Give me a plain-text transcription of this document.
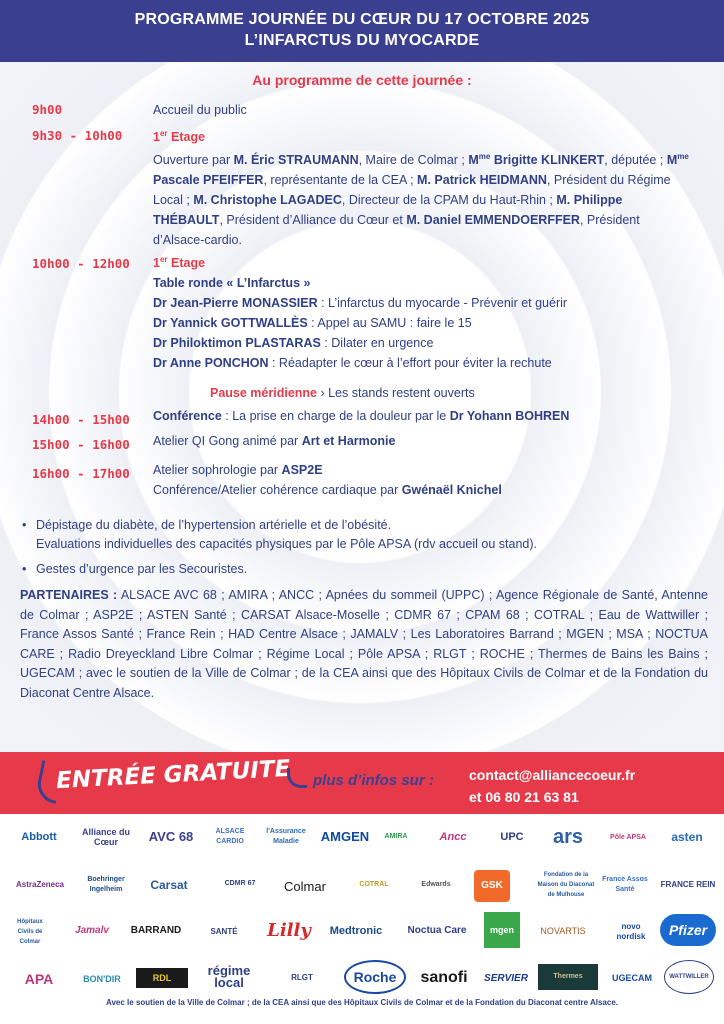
PROGRAMME JOURNÉE DU CŒUR DU 17 OCTOBRE 2025
L’INFARCTUS DU MYOCARDE
Au programme de cette journée :
9h00	Accueil du public
9h30 - 10h00 1er Etage
Ouverture par M. Éric STRAUMANN, Maire de Colmar ; $M^{me}$ Brigitte KLINKERT, députée ; $M^{me}$ Pascale PFEIFFER, représentante de la CEA ; M. Patrick HEIDMANN, Président du Régime Local ; M. Christophe LAGADEC, Directeur de la CPAM du Haut-Rhin ; M. Philippe THÉBAULT, Président d’Alliance du Cœur et M. Daniel EMMENDOERFFER, Président d’Alsace-cardio.
10h00 - 12h00 1er Etage
Table ronde « L’Infarctus »
Dr Jean-Pierre MONASSIER : L’infarctus du myocarde - Prévenir et guérir
Dr Yannick GOTTWALLÈS : Appel au SAMU : faire le 15
Dr Philoktimon PLASTARAS : Dilater en urgence
Dr Anne PONCHON : Réadapter le cœur à l’effort pour éviter la rechute
Pause méridienne › Les stands restent ouverts
14h00 - 15h00 Conférence : La prise en charge de la douleur par le Dr Yohann BOHREN
15h00 - 16h00 Atelier QI Gong animé par Art et Harmonie
16h00 - 17h00 Atelier sophrologie par ASP2E
Conférence/Atelier cohérence cardiaque par Gwénaël Knichel
• Dépistage du diabète, de l’hypertension artérielle et de l’obésité.
Evaluations individuelles des capacités physiques par le Pôle APSA (rdv accueil ou stand).
• Gestes d’urgence par les Secouristes.
PARTENAIRES : ALSACE AVC 68 ; AMIRA ; ANCC ; Apnées du sommeil (UPPC) ; Agence Régionale de Santé, Antenne de Colmar ; ASP2E ; ASTEN Santé ; CARSAT Alsace-Moselle ; CDMR 67 ; CPAM 68 ; COTRAL ; Eau de Wattwiller ; France Assos Santé ; France Rein ; HAD Centre Alsace ; JAMALV ; Les Laboratoires Barrand ; MGEN ; MSA ; NOCTUA CARE ; Radio Dreyeckland Libre Colmar ; Régime Local ; Pôle APSA ; RLGT ; ROCHE ; Thermes de Bains les Bains ; UGECAM ; avec le soutien de la Ville de Colmar ; de la CEA ainsi que des Hôpitaux Civils de Colmar et de la Fondation du Diaconat Centre Alsace.
ENTRÉE GRATUITE plus d’infos sur :	contact@alliancecoeur.fr
et 06 80 21 63 81
Abbott	Alliance du Cœur	AVC 68	ALSACE CARDIO
l'Assurance Maladie	AMGEN	AMIRA	Ancc	UPC	ars	Pôle APSA	asten
AstraZeneca
Boehringer Ingelheim	Carsat	CDMR 67	Colmar	COTRAL	Edwards	GSK
Fondation de la Maison du Diaconat de Mulhouse
France Assos Santé
FRANCE REIN
Hôpitaux Civils de Colmar
Jamalv	BARRAND	SANTÉ	Lilly	Medtronic	Noctua Care	mgen	NOVARTIS	novo nordisk	Pfizer
APA	BON'DIR	RDL	régime local	RLGT	Roche	sanofi	SERVIER	Thermes	UGECAM	WATTWILLER
Avec le soutien de la Ville de Colmar ; de la CEA ainsi que des Hôpitaux Civils de Colmar et de la Fondation du Diaconat centre Alsace.
